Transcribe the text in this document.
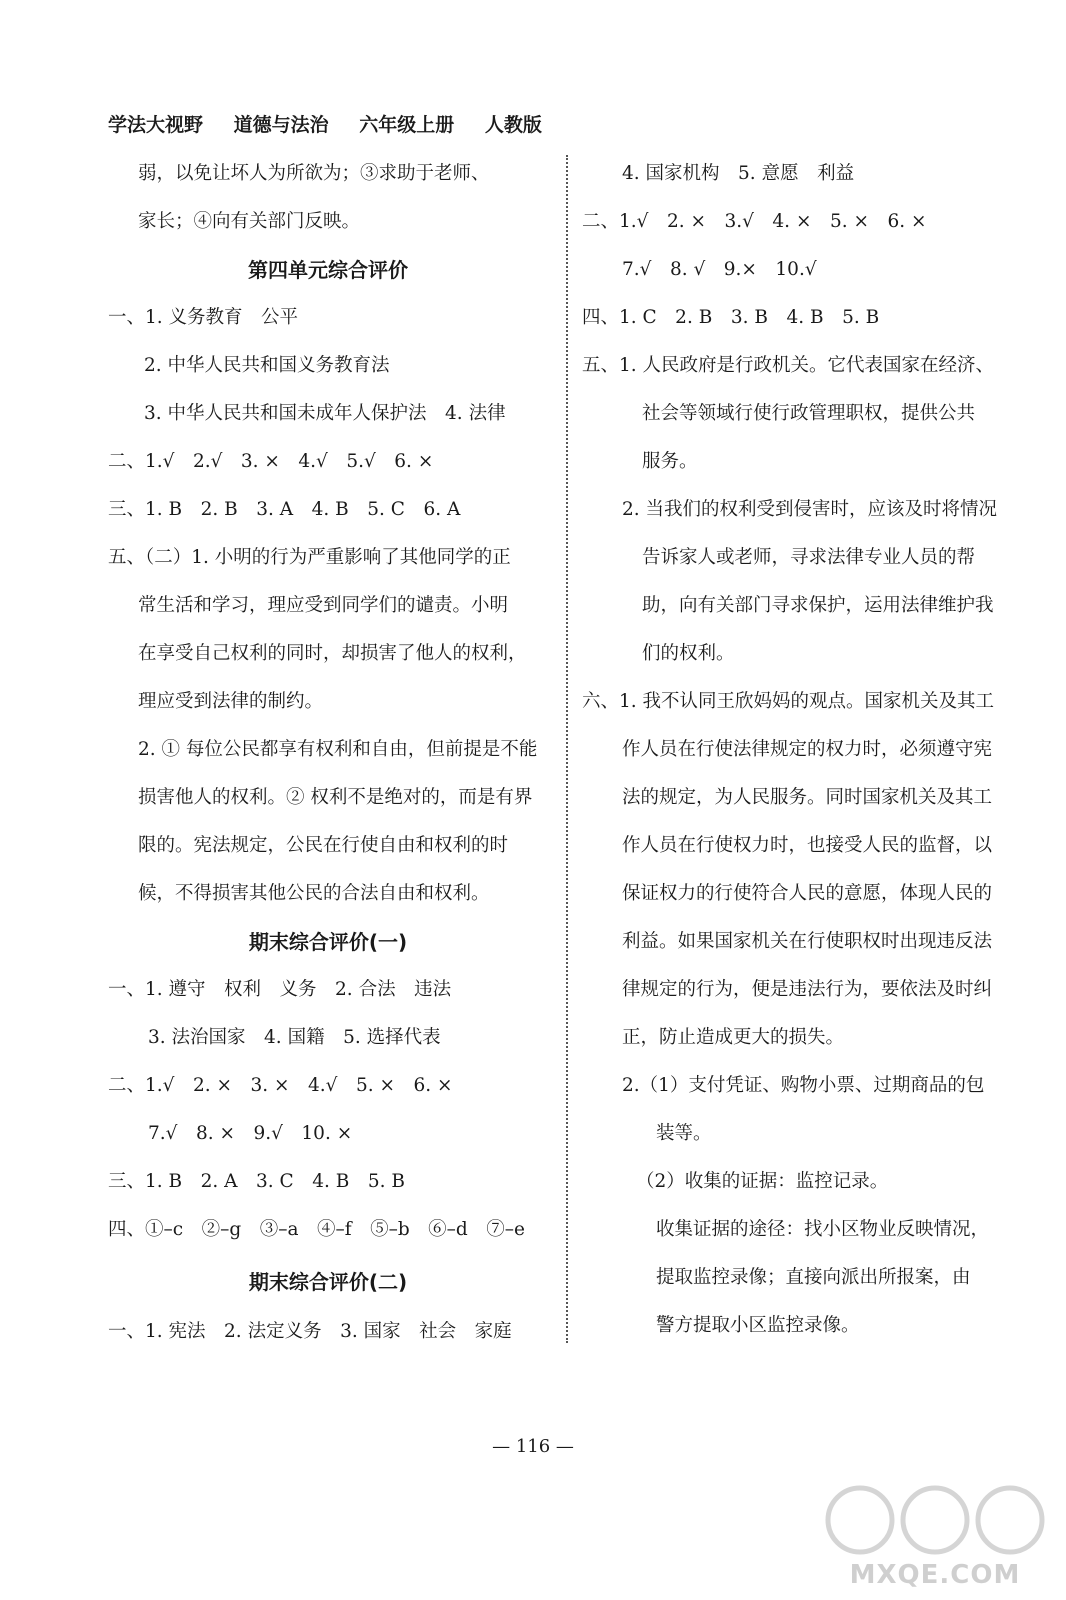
学法大视野 道德与法治 六年级上册 人教版
弱，以免让坏人为所欲为；③求助于老师、
家长；④向有关部门反映。
第四单元综合评价
一、1. 义务教育　公平
2. 中华人民共和国义务教育法
3. 中华人民共和国未成年人保护法　4. 法律
二、1.√　2.√　3. ×　4.√　5.√　6. ×
三、1. B　2. B　3. A　4. B　5. C　6. A
五、（二）1. 小明的行为严重影响了其他同学的正
常生活和学习，理应受到同学们的谴责。小明
在享受自己权利的同时，却损害了他人的权利，
理应受到法律的制约。
2. ① 每位公民都享有权利和自由，但前提是不能
损害他人的权利。② 权利不是绝对的，而是有界
限的。宪法规定，公民在行使自由和权利的时
候，不得损害其他公民的合法自由和权利。
期末综合评价(一)
一、1. 遵守　权利　义务　2. 合法　违法
3. 法治国家　4. 国籍　5. 选择代表
二、1.√　2. ×　3. ×　4.√　5. ×　6. ×
7.√　8. ×　9.√　10. ×
三、1. B　2. A　3. C　4. B　5. B
四、①–c　②–g　③–a　④–f　⑤–b　⑥–d　⑦–e
期末综合评价(二)
一、1. 宪法　2. 法定义务　3. 国家　社会　家庭
4. 国家机构　5. 意愿　利益
二、1.√　2. ×　3.√　4. ×　5. ×　6. ×
7.√　8. √　9.×　10.√
四、1. C　2. B　3. B　4. B　5. B
五、1. 人民政府是行政机关。它代表国家在经济、
社会等领域行使行政管理职权，提供公共
服务。
2. 当我们的权利受到侵害时，应该及时将情况
告诉家人或老师，寻求法律专业人员的帮
助，向有关部门寻求保护，运用法律维护我
们的权利。
六、1. 我不认同王欣妈妈的观点。国家机关及其工
作人员在行使法律规定的权力时，必须遵守宪
法的规定，为人民服务。同时国家机关及其工
作人员在行使权力时，也接受人民的监督，以
保证权力的行使符合人民的意愿，体现人民的
利益。如果国家机关在行使职权时出现违反法
律规定的行为，便是违法行为，要依法及时纠
正，防止造成更大的损失。
2.（1）支付凭证、购物小票、过期商品的包
装等。
（2）收集的证据：监控记录。
收集证据的途径：找小区物业反映情况，
提取监控录像；直接向派出所报案，由
警方提取小区监控录像。
— 116 —
MXQE.COM
